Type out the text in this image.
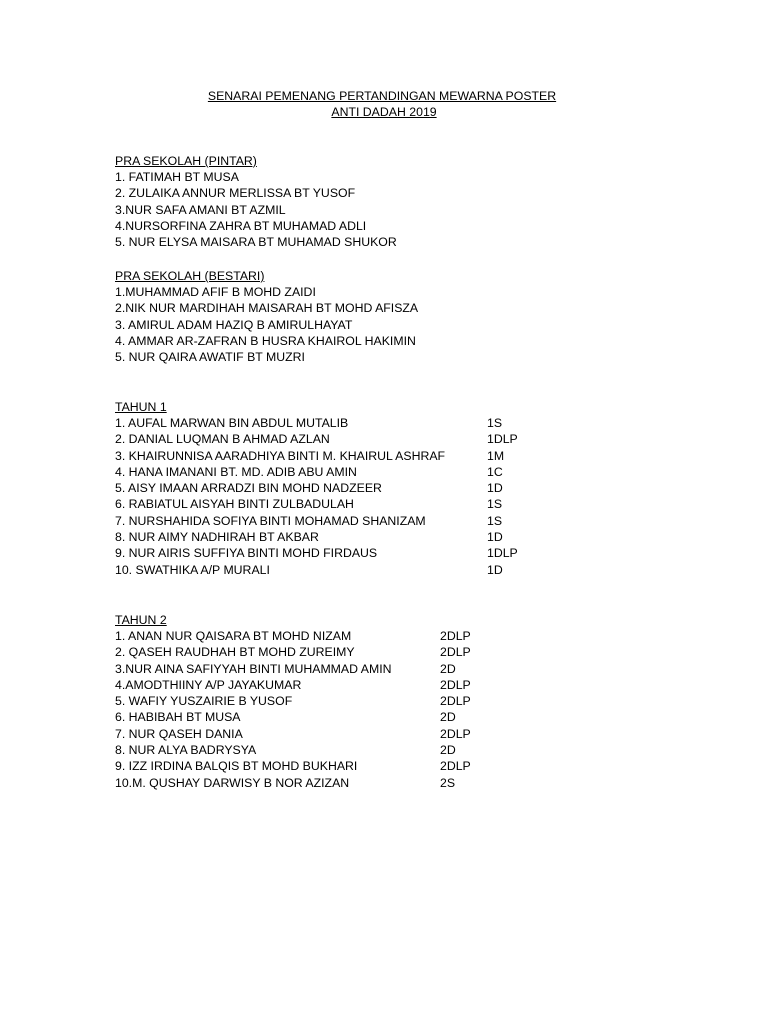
SENARAI PEMENANG PERTANDINGAN MEWARNA POSTER
ANTI DADAH 2019
PRA SEKOLAH (PINTAR)
1. FATIMAH BT MUSA
2. ZULAIKA ANNUR MERLISSA BT YUSOF
3.NUR SAFA AMANI BT AZMIL
4.NURSORFINA ZAHRA BT MUHAMAD ADLI
5. NUR ELYSA MAISARA BT MUHAMAD SHUKOR
PRA SEKOLAH (BESTARI)
1.MUHAMMAD AFIF B MOHD ZAIDI
2.NIK NUR MARDIHAH MAISARAH BT MOHD AFISZA
3. AMIRUL ADAM HAZIQ B AMIRULHAYAT
4. AMMAR AR-ZAFRAN B HUSRA KHAIROL HAKIMIN
5. NUR QAIRA AWATIF BT MUZRI
TAHUN 1
1. AUFAL MARWAN BIN ABDUL MUTALIB	1S
2. DANIAL LUQMAN B AHMAD AZLAN	1DLP
3. KHAIRUNNISA AARADHIYA BINTI M. KHAIRUL ASHRAF	1M
4. HANA IMANANI BT. MD. ADIB ABU AMIN	1C
5. AISY IMAAN ARRADZI BIN MOHD NADZEER	1D
6. RABIATUL AISYAH BINTI ZULBADULAH	1S
7. NURSHAHIDA SOFIYA BINTI MOHAMAD SHANIZAM	1S
8. NUR AIMY NADHIRAH BT AKBAR	1D
9. NUR AIRIS SUFFIYA BINTI MOHD FIRDAUS	1DLP
10. SWATHIKA A/P MURALI	1D
TAHUN 2
1. ANAN NUR QAISARA BT MOHD NIZAM	2DLP
2. QASEH RAUDHAH BT MOHD ZUREIMY	2DLP
3.NUR AINA SAFIYYAH BINTI MUHAMMAD AMIN	2D
4.AMODTHIINY A/P JAYAKUMAR	2DLP
5. WAFIY YUSZAIRIE B YUSOF	2DLP
6. HABIBAH BT MUSA	2D
7. NUR QASEH DANIA	2DLP
8. NUR ALYA BADRYSYA	2D
9. IZZ IRDINA BALQIS BT MOHD BUKHARI	2DLP
10.M. QUSHAY DARWISY B NOR AZIZAN	2S
